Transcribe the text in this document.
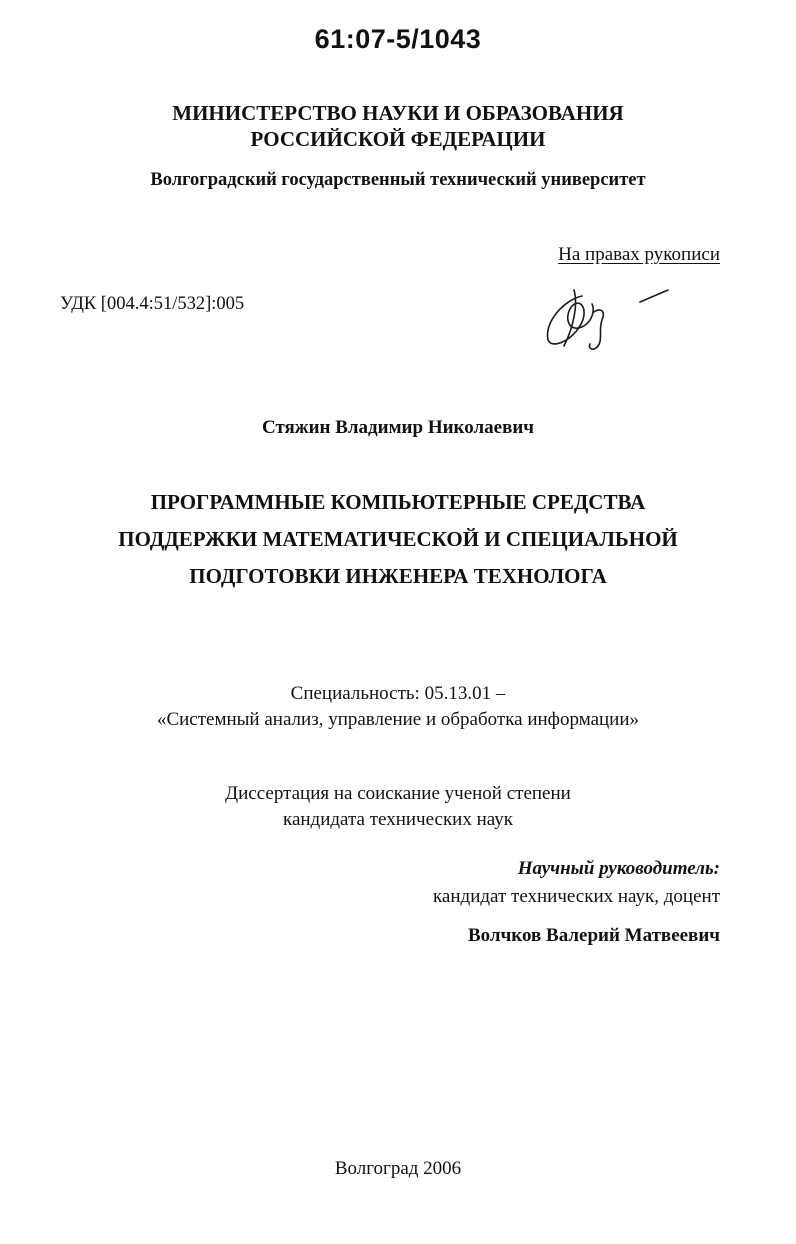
61:07-5/1043
МИНИСТЕРСТВО НАУКИ И ОБРАЗОВАНИЯ
РОССИЙСКОЙ ФЕДЕРАЦИИ
Волгоградский государственный технический университет
На правах рукописи
УДК [004.4:51/532]:005
Стяжин Владимир Николаевич
ПРОГРАММНЫЕ КОМПЬЮТЕРНЫЕ СРЕДСТВА
ПОДДЕРЖКИ МАТЕМАТИЧЕСКОЙ И СПЕЦИАЛЬНОЙ
ПОДГОТОВКИ ИНЖЕНЕРА ТЕХНОЛОГА
Специальность: 05.13.01 –
«Системный анализ, управление и обработка информации»
Диссертация на соискание ученой степени
кандидата технических наук
Научный руководитель:
кандидат технических наук, доцент
Волчков Валерий Матвеевич
Волгоград 2006
